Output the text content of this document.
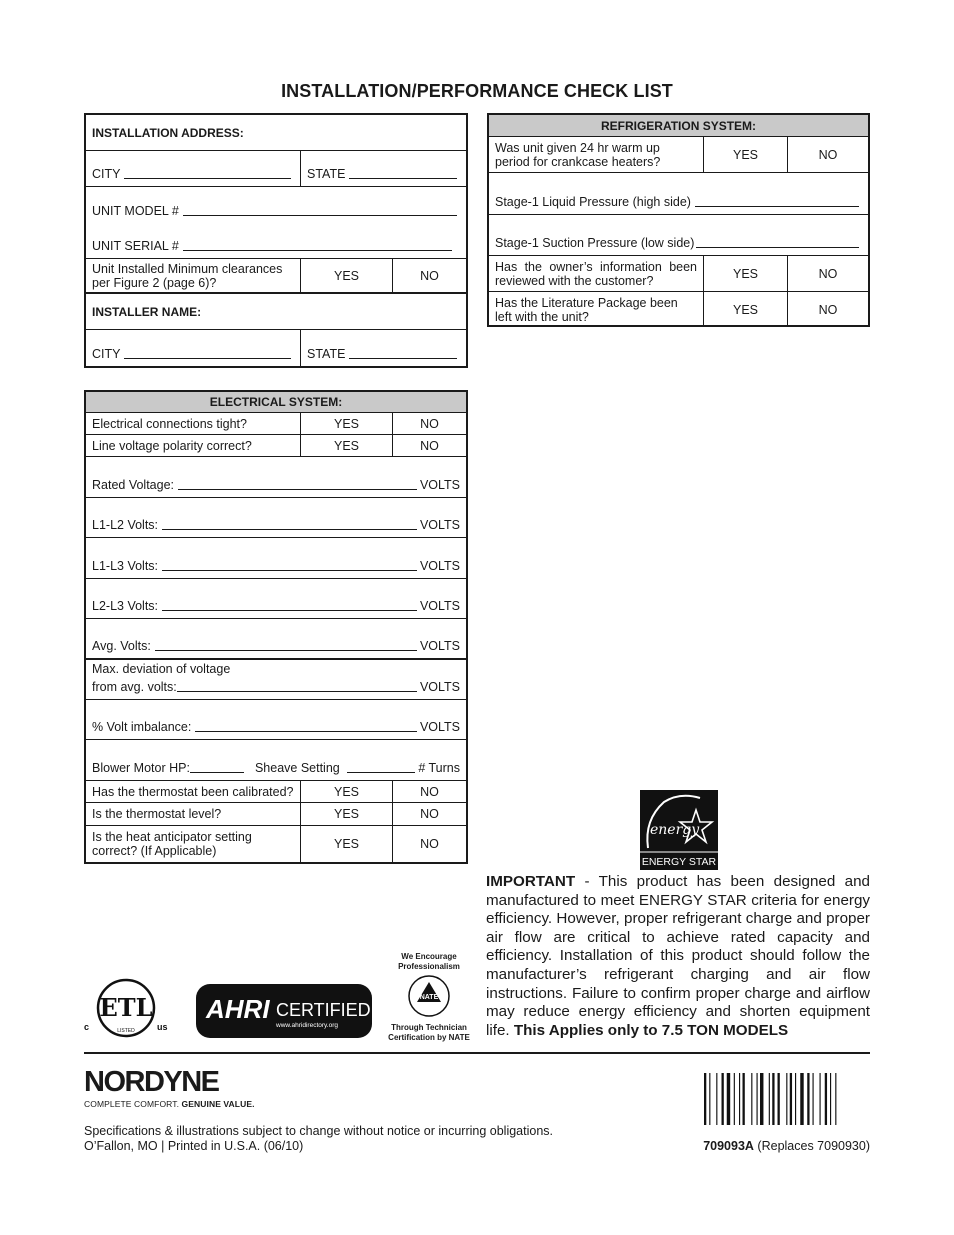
INSTALLATION/PERFORMANCE CHECK LIST
INSTALLATION ADDRESS:
CITY	STATE
UNIT MODEL #
UNIT SERIAL #
Unit Installed Minimum clearances per Figure 2 (page 6)?	YES	NO
INSTALLER NAME:
CITY	STATE
ELECTRICAL SYSTEM:
Electrical connections tight?	YES	NO
Line voltage polarity correct?	YES	NO
Rated Voltage:	VOLTS
L1-L2 Volts:	VOLTS
L1-L3 Volts:	VOLTS
L2-L3 Volts:	VOLTS
Avg. Volts:	VOLTS
Max. deviation of voltage
from avg. volts:	VOLTS
% Volt imbalance:	VOLTS
Blower Motor HP:	Sheave Setting	# Turns
Has the thermostat been calibrated?	YES	NO
Is the thermostat level?	YES	NO
Is the heat anticipator setting correct? (If Applicable)	YES	NO
REFRIGERATION SYSTEM:
Was unit given 24 hr warm up period for crankcase heaters?	YES	NO
Stage-1 Liquid Pressure (high side)
Stage-1 Suction Pressure (low side)
Has the owner’s information been reviewed with the customer?	YES	NO
Has the Literature Package been left with the unit?	YES	NO
energy
ENERGY STAR
IMPORTANT - This product has been designed and manufactured to meet ENERGY STAR criteria for energy efficiency. However, proper refrigerant charge and proper air flow are critical to achieve rated capacity and efficiency. Installation of this product should follow the manufacturer’s refrigerant charging and air flow instructions. Failure to confirm proper charge and airflow may reduce energy efficiency and shorten equipment life. This Applies only to 7.5 TON MODELS
ETL
LISTED
c	us
AHRI CERTIFIED
www.ahridirectory.org
We Encourage Professionalism
NATE
Through Technician Certification by NATE
NORDYNE
COMPLETE COMFORT. GENUINE VALUE.
Specifications & illustrations subject to change without notice or incurring obligations.
O’Fallon, MO | Printed in U.S.A. (06/10)	709093A (Replaces 7090930)
